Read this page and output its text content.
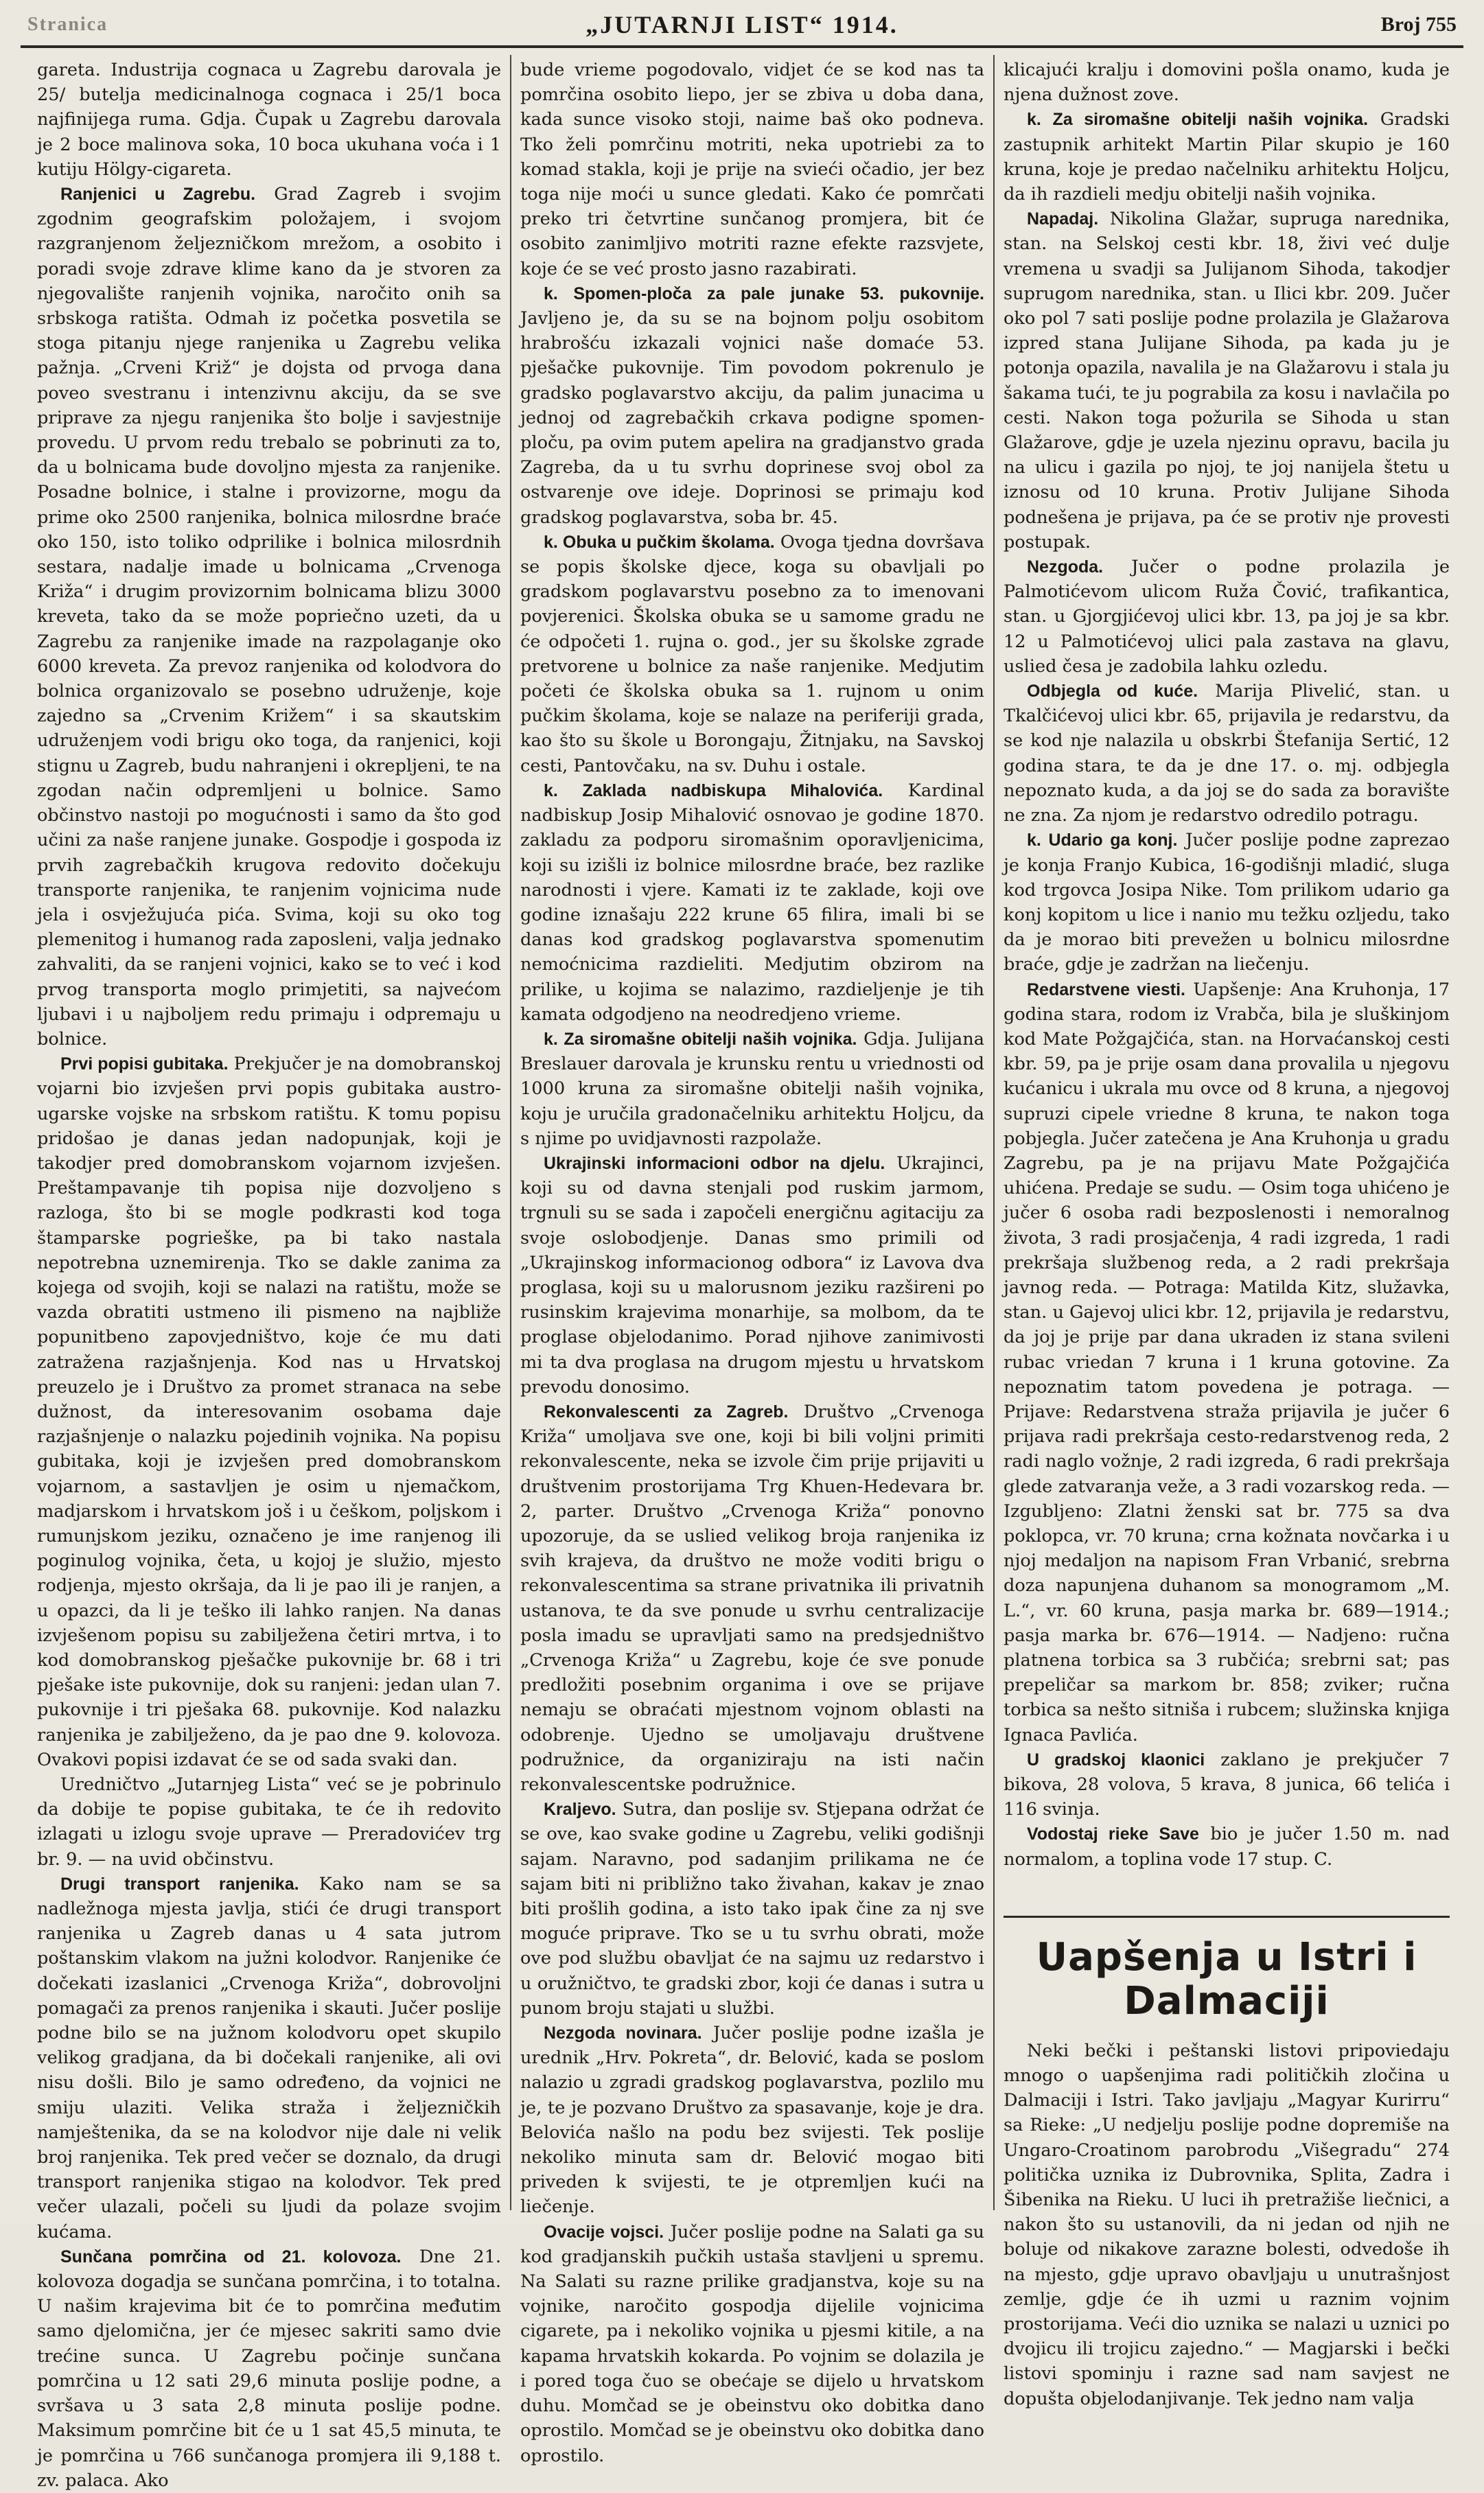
Stranica	„JUTARNJI LIST“ 1914.	Broj 755

gareta. Industrija cognaca u Zagrebu darovala je 25/ butelja medicinalnoga cognaca i 25/1 boca najfinijega ruma. Gdja. Čupak u Zagrebu darovala je 2 boce malinova soka, 10 boca ukuhana voća i 1 kutiju Hölgy-cigareta.

Ranjenici u Zagrebu. Grad Zagreb i svojim zgodnim geografskim položajem, i svojom razgranjenom željezničkom mrežom, a osobito i poradi svoje zdrave klime kano da je stvoren za njegovalište ranjenih vojnika, naročito onih sa srbskoga ratišta. Odmah iz početka posvetila se stoga pitanju njege ranjenika u Zagrebu velika pažnja. „Crveni Križ“ je dojsta od prvoga dana poveo svestranu i intenzivnu akciju, da se sve priprave za njegu ranjenika što bolje i savjestnije provedu. U prvom redu trebalo se pobrinuti za to, da u bolnicama bude dovoljno mjesta za ranjenike. Posadne bolnice, i stalne i provizorne, mogu da prime oko 2500 ranjenika, bolnica milosrdne braće oko 150, isto toliko odprilike i bolnica milosrdnih sestara, nadalje imade u bolnicama „Crvenoga Križa“ i drugim provizornim bolnicama blizu 3000 kreveta, tako da se može popriečno uzeti, da u Zagrebu za ranjenike imade na razpolaganje oko 6000 kreveta. Za prevoz ranjenika od kolodvora do bolnica organizovalo se posebno udruženje, koje zajedno sa „Crvenim Križem“ i sa skautskim udruženjem vodi brigu oko toga, da ranjenici, koji stignu u Zagreb, budu nahranjeni i okrepljeni, te na zgodan način odpremljeni u bolnice. Samo občinstvo nastoji po mogućnosti i samo da što god učini za naše ranjene junake. Gospodje i gospoda iz prvih zagrebačkih krugova redovito dočekuju transporte ranjenika, te ranjenim vojnicima nude jela i osvježujuća pića. Svima, koji su oko tog plemenitog i humanog rada zaposleni, valja jednako zahvaliti, da se ranjeni vojnici, kako se to već i kod prvog transporta moglo primjetiti, sa najvećom ljubavi i u najboljem redu primaju i odpremaju u bolnice.

Prvi popisi gubitaka. Prekjučer je na domobranskoj vojarni bio izvješen prvi popis gubitaka austro-ugarske vojske na srbskom ratištu. K tomu popisu pridošao je danas jedan nadopunjak, koji je takodjer pred domobranskom vojarnom izvješen. Preštampavanje tih popisa nije dozvoljeno s razloga, što bi se mogle podkrasti kod toga štamparske pogrieške, pa bi tako nastala nepotrebna uznemirenja. Tko se dakle zanima za kojega od svojih, koji se nalazi na ratištu, može se vazda obratiti ustmeno ili pismeno na najbliže popunitbeno zapovjedništvo, koje će mu dati zatražena razjašnjenja. Kod nas u Hrvatskoj preuzelo je i Društvo za promet stranaca na sebe dužnost, da interesovanim osobama daje razjašnjenje o nalazku pojedinih vojnika. Na popisu gubitaka, koji je izvješen pred domobranskom vojarnom, a sastavljen je osim u njemačkom, madjarskom i hrvatskom još i u češkom, poljskom i rumunjskom jeziku, označeno je ime ranjenog ili poginulog vojnika, četa, u kojoj je služio, mjesto rodjenja, mjesto okršaja, da li je pao ili je ranjen, a u opazci, da li je teško ili lahko ranjen. Na danas izvješenom popisu su zabilježena četiri mrtva, i to kod domobranskog pješačke pukovnije br. 68 i tri pješake iste pukovnije, dok su ranjeni: jedan ulan 7. pukovnije i tri pješaka 68. pukovnije. Kod nalazku ranjenika je zabilježeno, da je pao dne 9. kolovoza. Ovakovi popisi izdavat će se od sada svaki dan.

Uredničtvo „Jutarnjeg Lista“ već se je pobrinulo da dobije te popise gubitaka, te će ih redovito izlagati u izlogu svoje uprave — Preradovićev trg br. 9. — na uvid občinstvu.

Drugi transport ranjenika. Kako nam se sa nadležnoga mjesta javlja, stići će drugi transport ranjenika u Zagreb danas u 4 sata jutrom poštanskim vlakom na južni kolodvor. Ranjenike će dočekati izaslanici „Crvenoga Križa“, dobrovoljni pomagači za prenos ranjenika i skauti. Jučer poslije podne bilo se na južnom kolodvoru opet skupilo velikog gradjana, da bi dočekali ranjenike, ali ovi nisu došli. Bilo je samo određeno, da vojnici ne smiju ulaziti. Velika straža i željezničkih namještenika, da se na kolodvor nije dale ni velik broj ranjenika. Tek pred večer se doznalo, da drugi transport ranjenika stigao na kolodvor. Tek pred večer ulazali, počeli su ljudi da polaze svojim kućama.

Sunčana pomrčina od 21. kolovoza. Dne 21. kolovoza dogadja se sunčana pomrčina, i to totalna. U našim krajevima bit će to pomrčina međutim samo djelomična, jer će mjesec sakriti samo dvie trećine sunca. U Zagrebu počinje sunčana pomrčina u 12 sati 29,6 minuta poslije podne, a svršava u 3 sata 2,8 minuta poslije podne. Maksimum pomrčine bit će u 1 sat 45,5 minuta, te je pomrčina u 766 sunčanoga promjera ili 9,188 t. zv. palaca. Ako

bude vrieme pogodovalo, vidjet će se kod nas ta pomrčina osobito liepo, jer se zbiva u doba dana, kada sunce visoko stoji, naime baš oko podneva. Tko želi pomrčinu motriti, neka upotriebi za to komad stakla, koji je prije na svieći očadio, jer bez toga nije moći u sunce gledati. Kako će pomrčati preko tri četvrtine sunčanog promjera, bit će osobito zanimljivo motriti razne efekte razsvjete, koje će se već prosto jasno razabirati.

k. Spomen-ploča za pale junake 53. pukovnije. Javljeno je, da su se na bojnom polju osobitom hrabrošću izkazali vojnici naše domaće 53. pješačke pukovnije. Tim povodom pokrenulo je gradsko poglavarstvo akciju, da palim junacima u jednoj od zagrebačkih crkava podigne spomen-ploču, pa ovim putem apelira na gradjanstvo grada Zagreba, da u tu svrhu doprinese svoj obol za ostvarenje ove ideje. Doprinosi se primaju kod gradskog poglavarstva, soba br. 45.

k. Obuka u pučkim školama. Ovoga tjedna dovršava se popis školske djece, koga su obavljali po gradskom poglavarstvu posebno za to imenovani povjerenici. Školska obuka se u samome gradu ne će odpočeti 1. rujna o. god., jer su školske zgrade pretvorene u bolnice za naše ranjenike. Medjutim početi će školska obuka sa 1. rujnom u onim pučkim školama, koje se nalaze na periferiji grada, kao što su škole u Borongaju, Žitnjaku, na Savskoj cesti, Pantovčaku, na sv. Duhu i ostale.

k. Zaklada nadbiskupa Mihalovića. Kardinal nadbiskup Josip Mihalović osnovao je godine 1870. zakladu za podporu siromašnim oporavljenicima, koji su izišli iz bolnice milosrdne braće, bez razlike narodnosti i vjere. Kamati iz te zaklade, koji ove godine iznašaju 222 krune 65 filira, imali bi se danas kod gradskog poglavarstva spomenutim nemoćnicima razdieliti. Medjutim obzirom na prilike, u kojima se nalazimo, razdieljenje je tih kamata odgodjeno na neodredjeno vrieme.

k. Za siromašne obitelji naših vojnika. Gdja. Julijana Breslauer darovala je krunsku rentu u vriednosti od 1000 kruna za siromašne obitelji naših vojnika, koju je uručila gradonačelniku arhitektu Holjcu, da s njime po uvidjavnosti razpolaže.

Ukrajinski informacioni odbor na djelu. Ukrajinci, koji su od davna stenjali pod ruskim jarmom, trgnuli su se sada i započeli energičnu agitaciju za svoje oslobodjenje. Danas smo primili od „Ukrajinskog informacionog odbora“ iz Lavova dva proglasa, koji su u malorusnom jeziku razšireni po rusinskim krajevima monarhije, sa molbom, da te proglase objelodanimo. Porad njihove zanimivosti mi ta dva proglasa na drugom mjestu u hrvatskom prevodu donosimo.

Rekonvalescenti za Zagreb. Društvo „Crvenoga Križa“ umoljava sve one, koji bi bili voljni primiti rekonvalescente, neka se izvole čim prije prijaviti u društvenim prostorijama Trg Khuen-Hedevara br. 2, parter. Društvo „Crvenoga Križa“ ponovno upozoruje, da se uslied velikog broja ranjenika iz svih krajeva, da društvo ne može voditi brigu o rekonvalescentima sa strane privatnika ili privatnih ustanova, te da sve ponude u svrhu centralizacije posla imadu se upravljati samo na predsjedništvo „Crvenoga Križa“ u Zagrebu, koje će sve ponude predložiti posebnim organima i ove se prijave nemaju se obraćati mjestnom vojnom oblasti na odobrenje. Ujedno se umoljavaju društvene podružnice, da organiziraju na isti način rekonvalescentske podružnice.

Kraljevo. Sutra, dan poslije sv. Stjepana održat će se ove, kao svake godine u Zagrebu, veliki godišnji sajam. Naravno, pod sadanjim prilikama ne će sajam biti ni približno tako živahan, kakav je znao biti prošlih godina, a isto tako ipak čine za nj sve moguće priprave. Tko se u tu svrhu obrati, može ove pod službu obavljat će na sajmu uz redarstvo i u oružničtvo, te gradski zbor, koji će danas i sutra u punom broju stajati u službi.

Nezgoda novinara. Jučer poslije podne izašla je urednik „Hrv. Pokreta“, dr. Belović, kada se poslom nalazio u zgradi gradskog poglavarstva, pozlilo mu je, te je pozvano Društvo za spasavanje, koje je dra. Belovića našlo na podu bez svijesti. Tek poslije nekoliko minuta sam dr. Belović mogao biti priveden k svijesti, te je otpremljen kući na liečenje.

Ovacije vojsci. Jučer poslije podne na Salati ga su kod gradjanskih pučkih ustaša stavljeni u spremu. Na Salati su razne prilike gradjanstva, koje su na vojnike, naročito gospodja dijelile vojnicima cigarete, pa i nekoliko vojnika u pjesmi kitile, a na kapama hrvatskih kokarda. Po vojnim se dolazila je i pored toga čuo se obećaje se dijelo u hrvatskom duhu. Momčad se je obeinstvu oko dobitka dano oprostilo. Momčad se je obeinstvu oko dobitka dano oprostilo.

klicajući kralju i domovini pošla onamo, kuda je njena dužnost zove.

k. Za siromašne obitelji naših vojnika. Gradski zastupnik arhitekt Martin Pilar skupio je 160 kruna, koje je predao načelniku arhitektu Holjcu, da ih razdieli medju obitelji naših vojnika.

Napadaj. Nikolina Glažar, supruga narednika, stan. na Selskoj cesti kbr. 18, živi već dulje vremena u svadji sa Julijanom Sihoda, takodjer suprugom narednika, stan. u Ilici kbr. 209. Jučer oko pol 7 sati poslije podne prolazila je Glažarova izpred stana Julijane Sihoda, pa kada ju je potonja opazila, navalila je na Glažarovu i stala ju šakama tući, te ju pograbila za kosu i navlačila po cesti. Nakon toga požurila se Sihoda u stan Glažarove, gdje je uzela njezinu opravu, bacila ju na ulicu i gazila po njoj, te joj nanijela štetu u iznosu od 10 kruna. Protiv Julijane Sihoda podnešena je prijava, pa će se protiv nje provesti postupak.

Nezgoda. Jučer o podne prolazila je Palmotićevom ulicom Ruža Čović, trafikantica, stan. u Gjorgjićevoj ulici kbr. 13, pa joj je sa kbr. 12 u Palmotićevoj ulici pala zastava na glavu, uslied česa je zadobila lahku ozledu.

Odbjegla od kuće. Marija Plivelić, stan. u Tkalčićevoj ulici kbr. 65, prijavila je redarstvu, da se kod nje nalazila u obskrbi Štefanija Sertić, 12 godina stara, te da je dne 17. o. mj. odbjegla nepoznato kuda, a da joj se do sada za boravište ne zna. Za njom je redarstvo odredilo potragu.

k. Udario ga konj. Jučer poslije podne zaprezao je konja Franjo Kubica, 16-godišnji mladić, sluga kod trgovca Josipa Nike. Tom prilikom udario ga konj kopitom u lice i nanio mu težku ozljedu, tako da je morao biti prevežen u bolnicu milosrdne braće, gdje je zadržan na liečenju.

Redarstvene viesti. Uapšenje: Ana Kruhonja, 17 godina stara, rodom iz Vrabča, bila je sluškinjom kod Mate Požgajčića, stan. na Horvaćanskoj cesti kbr. 59, pa je prije osam dana provalila u njegovu kućanicu i ukrala mu ovce od 8 kruna, a njegovoj supruzi cipele vriedne 8 kruna, te nakon toga pobjegla. Jučer zatečena je Ana Kruhonja u gradu Zagrebu, pa je na prijavu Mate Požgajčića uhićena. Predaje se sudu. — Osim toga uhićeno je jučer 6 osoba radi bezposlenosti i nemoralnog života, 3 radi prosjačenja, 4 radi izgreda, 1 radi prekršaja službenog reda, a 2 radi prekršaja javnog reda. — Potraga: Matilda Kitz, služavka, stan. u Gajevoj ulici kbr. 12, prijavila je redarstvu, da joj je prije par dana ukraden iz stana svileni rubac vriedan 7 kruna i 1 kruna gotovine. Za nepoznatim tatom povedena je potraga. — Prijave: Redarstvena straža prijavila je jučer 6 prijava radi prekršaja cesto-redarstvenog reda, 2 radi naglo vožnje, 2 radi izgreda, 6 radi prekršaja glede zatvaranja veže, a 3 radi vozarskog reda. — Izgubljeno: Zlatni ženski sat br. 775 sa dva poklopca, vr. 70 kruna; crna kožnata novčarka i u njoj medaljon na napisom Fran Vrbanić, srebrna doza napunjena duhanom sa monogramom „M. L.“, vr. 60 kruna, pasja marka br. 689—1914.; pasja marka br. 676—1914. — Nadjeno: ručna platnena torbica sa 3 rubčića; srebrni sat; pas prepeličar sa markom br. 858; zviker; ručna torbica sa nešto sitniša i rubcem; služinska knjiga Ignaca Pavlića.

U gradskoj klaonici zaklano je prekjučer 7 bikova, 28 volova, 5 krava, 8 junica, 66 telića i 116 svinja.

Vodostaj rieke Save bio je jučer 1.50 m. nad normalom, a toplina vode 17 stup. C.

Uapšenja u Istri i Dalmaciji

Neki bečki i peštanski listovi pripoviedaju mnogo o uapšenjima radi političkih zločina u Dalmaciji i Istri. Tako javljaju „Magyar Kurirru“ sa Rieke: „U nedjelju poslije podne dopremiše na Ungaro-Croatinom parobrodu „Višegradu“ 274 politička uznika iz Dubrovnika, Splita, Zadra i Šibenika na Rieku. U luci ih pretražiše liečnici, a nakon što su ustanovili, da ni jedan od njih ne boluje od nikakove zarazne bolesti, odvedoše ih na mjesto, gdje upravo obavljaju u unutrašnjost zemlje, gdje će ih uzmi u raznim vojnim prostorijama. Veći dio uznika se nalazi u uznici po dvojicu ili trojicu zajedno.“ — Magjarski i bečki listovi spominju i razne sad nam savjest ne dopušta objelodanjivanje. Tek jedno nam valja
